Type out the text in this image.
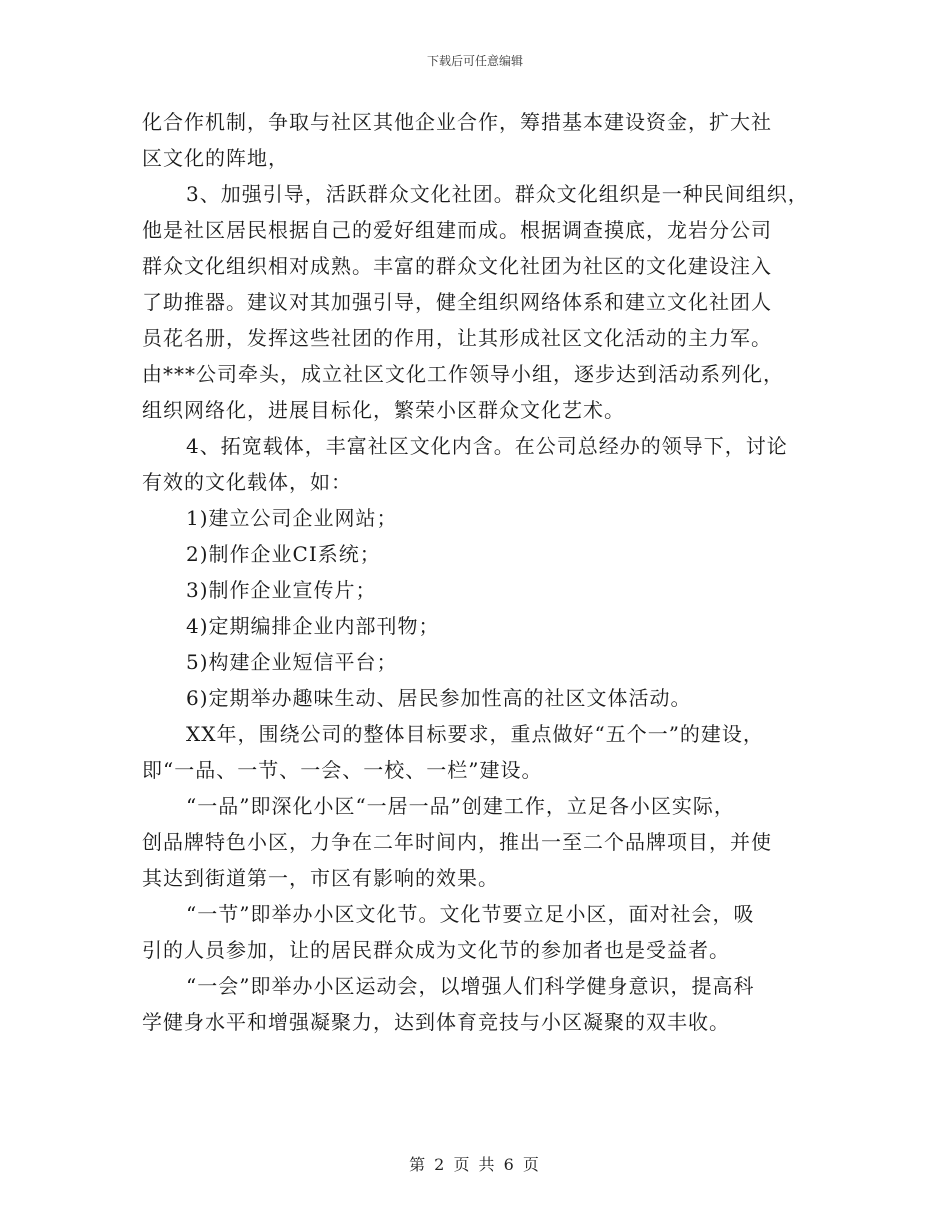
下载后可任意编辑
化合作机制，争取与社区其他企业合作，筹措基本建设资金，扩大社
区文化的阵地，
3、加强引导，活跃群众文化社团。群众文化组织是一种民间组织，
他是社区居民根据自己的爱好组建而成。根据调查摸底，龙岩分公司
群众文化组织相对成熟。丰富的群众文化社团为社区的文化建设注入
了助推器。建议对其加强引导，健全组织网络体系和建立文化社团人
员花名册，发挥这些社团的作用，让其形成社区文化活动的主力军。
由***公司牵头，成立社区文化工作领导小组，逐步达到活动系列化，
组织网络化，进展目标化，繁荣小区群众文化艺术。
4、拓宽载体，丰富社区文化内含。在公司总经办的领导下，讨论
有效的文化载体，如：
1)建立公司企业网站；
2)制作企业CI系统；
3)制作企业宣传片；
4)定期编排企业内部刊物；
5)构建企业短信平台；
6)定期举办趣味生动、居民参加性高的社区文体活动。
XX年，围绕公司的整体目标要求，重点做好“五个一”的建设，
即“一品、一节、一会、一校、一栏”建设。
“一品”即深化小区“一居一品”创建工作，立足各小区实际，
创品牌特色小区，力争在二年时间内，推出一至二个品牌项目，并使
其达到街道第一，市区有影响的效果。
“一节”即举办小区文化节。文化节要立足小区，面对社会，吸
引的人员参加，让的居民群众成为文化节的参加者也是受益者。
“一会”即举办小区运动会，以增强人们科学健身意识，提高科
学健身水平和增强凝聚力，达到体育竞技与小区凝聚的双丰收。
第 2 页 共 6 页
